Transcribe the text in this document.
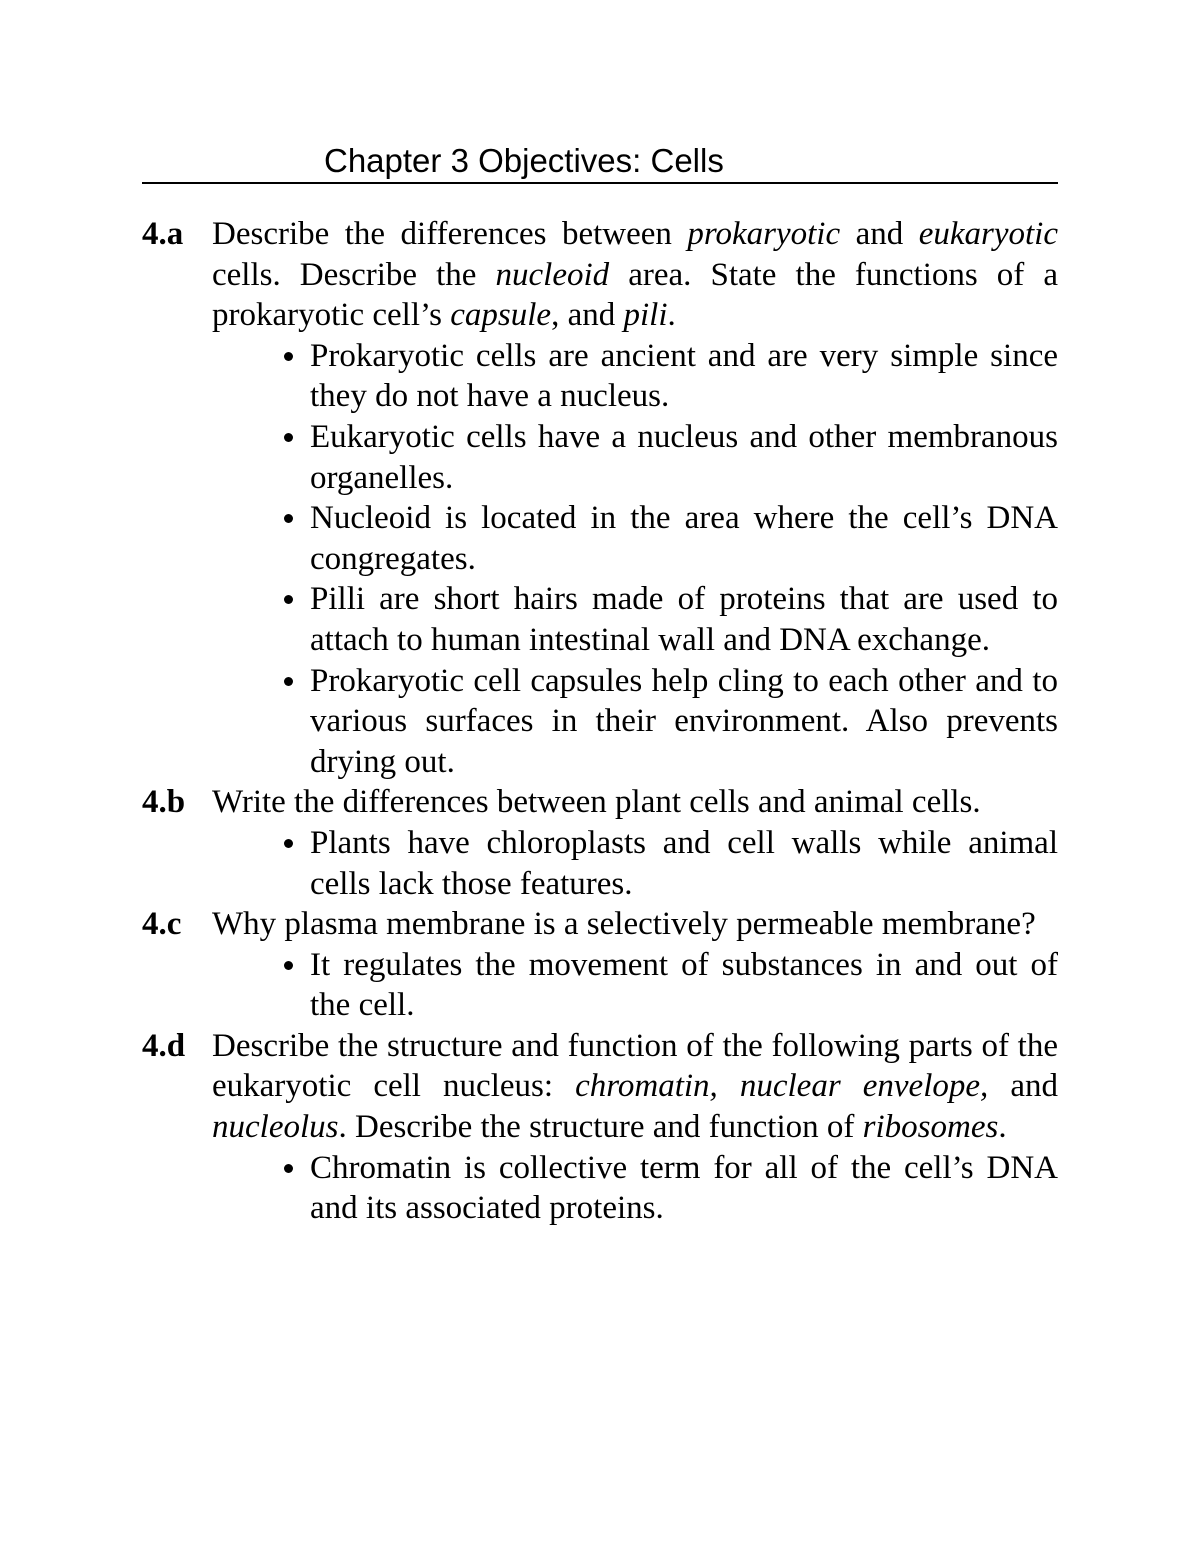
Chapter 3 Objectives: Cells
4.a Describe the differences between prokaryotic and eukaryotic cells. Describe the nucleoid area. State the functions of a prokaryotic cell’s capsule, and pili.
Prokaryotic cells are ancient and are very simple since they do not have a nucleus.
Eukaryotic cells have a nucleus and other membranous organelles.
Nucleoid is located in the area where the cell’s DNA congregates.
Pilli are short hairs made of proteins that are used to attach to human intestinal wall and DNA exchange.
Prokaryotic cell capsules help cling to each other and to various surfaces in their environment. Also prevents drying out.
4.b Write the differences between plant cells and animal cells.
Plants have chloroplasts and cell walls while animal cells lack those features.
4.c Why plasma membrane is a selectively permeable membrane?
It regulates the movement of substances in and out of the cell.
4.d Describe the structure and function of the following parts of the eukaryotic cell nucleus: chromatin, nuclear envelope, and nucleolus. Describe the structure and function of ribosomes.
Chromatin is collective term for all of the cell’s DNA and its associated proteins.
